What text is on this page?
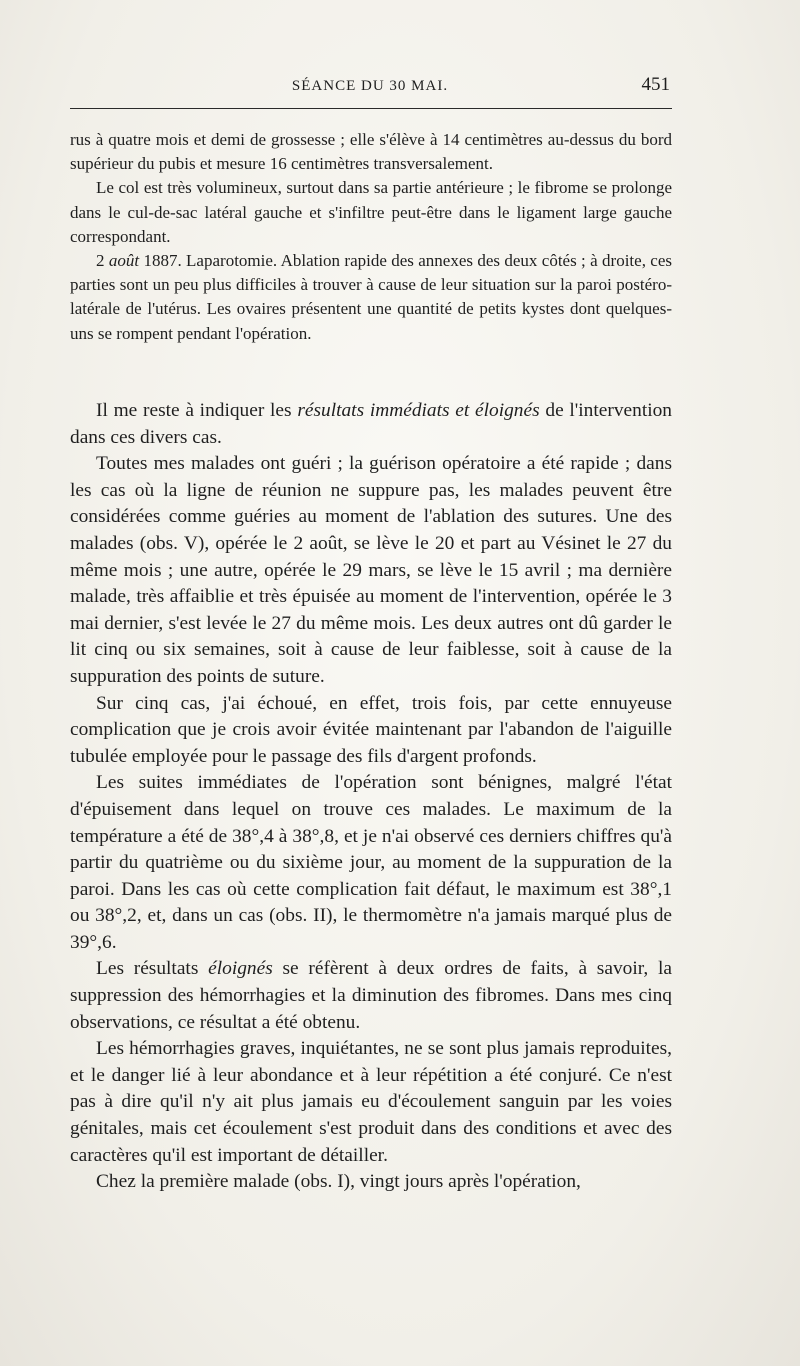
SÉANCE DU 30 MAI.	451

rus à quatre mois et demi de grossesse ; elle s'élève à 14 centimètres au-dessus du bord supérieur du pubis et mesure 16 centimètres transversalement.

Le col est très volumineux, surtout dans sa partie antérieure ; le fibrome se prolonge dans le cul-de-sac latéral gauche et s'infiltre peut-être dans le ligament large gauche correspondant.

2 août 1887. Laparotomie. Ablation rapide des annexes des deux côtés ; à droite, ces parties sont un peu plus difficiles à trouver à cause de leur situation sur la paroi postéro-latérale de l'utérus. Les ovaires présentent une quantité de petits kystes dont quelques-uns se rompent pendant l'opération.

Il me reste à indiquer les résultats immédiats et éloignés de l'intervention dans ces divers cas.

Toutes mes malades ont guéri ; la guérison opératoire a été rapide ; dans les cas où la ligne de réunion ne suppure pas, les malades peuvent être considérées comme guéries au moment de l'ablation des sutures. Une des malades (obs. V), opérée le 2 août, se lève le 20 et part au Vésinet le 27 du même mois ; une autre, opérée le 29 mars, se lève le 15 avril ; ma dernière malade, très affaiblie et très épuisée au moment de l'intervention, opérée le 3 mai dernier, s'est levée le 27 du même mois. Les deux autres ont dû garder le lit cinq ou six semaines, soit à cause de leur faiblesse, soit à cause de la suppuration des points de suture.

Sur cinq cas, j'ai échoué, en effet, trois fois, par cette ennuyeuse complication que je crois avoir évitée maintenant par l'abandon de l'aiguille tubulée employée pour le passage des fils d'argent profonds.

Les suites immédiates de l'opération sont bénignes, malgré l'état d'épuisement dans lequel on trouve ces malades. Le maximum de la température a été de 38°,4 à 38°,8, et je n'ai observé ces derniers chiffres qu'à partir du quatrième ou du sixième jour, au moment de la suppuration de la paroi. Dans les cas où cette complication fait défaut, le maximum est 38°,1 ou 38°,2, et, dans un cas (obs. II), le thermomètre n'a jamais marqué plus de 39°,6.

Les résultats éloignés se réfèrent à deux ordres de faits, à savoir, la suppression des hémorrhagies et la diminution des fibromes. Dans mes cinq observations, ce résultat a été obtenu.

Les hémorrhagies graves, inquiétantes, ne se sont plus jamais reproduites, et le danger lié à leur abondance et à leur répétition a été conjuré. Ce n'est pas à dire qu'il n'y ait plus jamais eu d'écoulement sanguin par les voies génitales, mais cet écoulement s'est produit dans des conditions et avec des caractères qu'il est important de détailler.

Chez la première malade (obs. I), vingt jours après l'opération,
